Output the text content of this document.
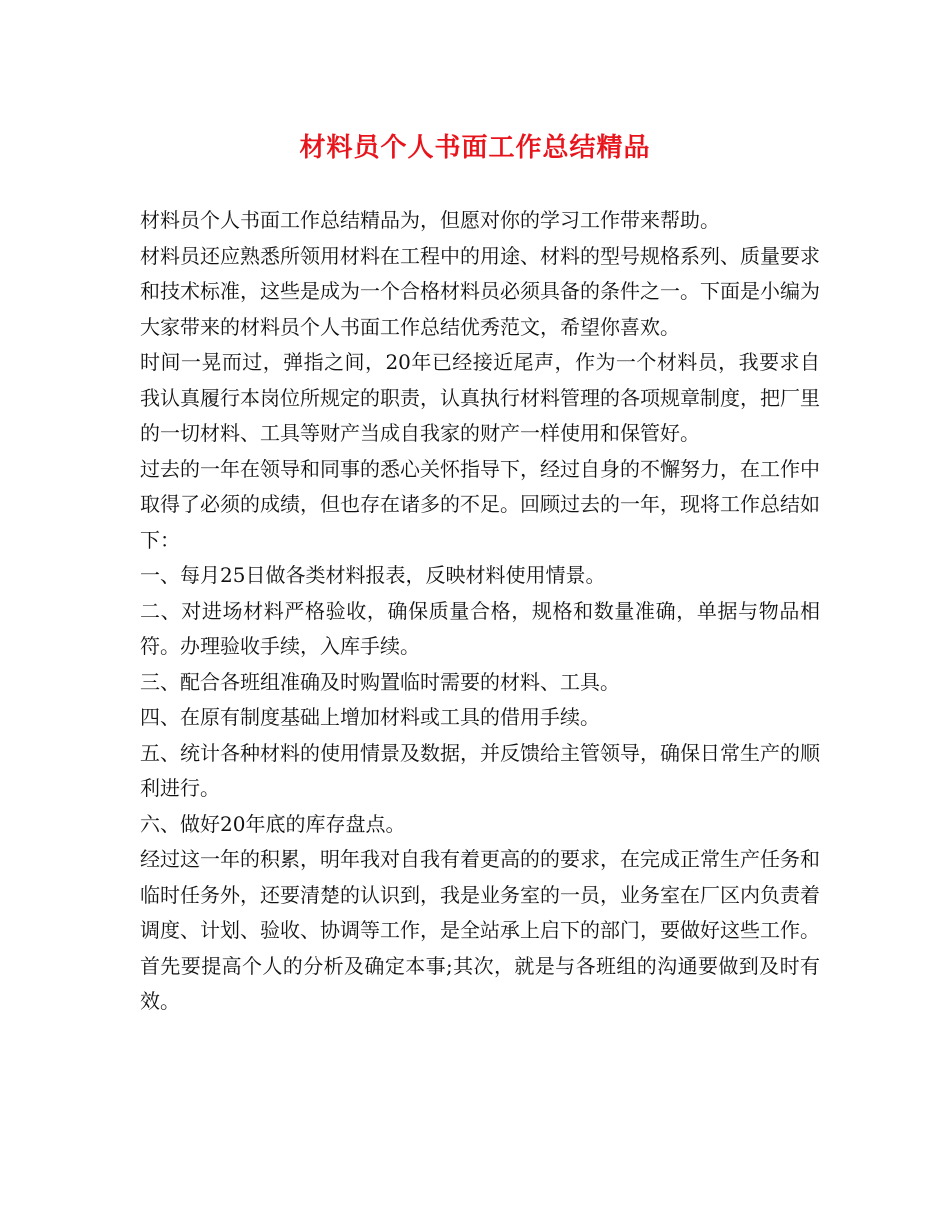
材料员个人书面工作总结精品

材料员个人书面工作总结精品为，但愿对你的学习工作带来帮助。

材料员还应熟悉所领用材料在工程中的用途、材料的型号规格系列、质量要求和技术标准，这些是成为一个合格材料员必须具备的条件之一。下面是小编为大家带来的材料员个人书面工作总结优秀范文，希望你喜欢。

时间一晃而过，弹指之间，20年已经接近尾声，作为一个材料员，我要求自我认真履行本岗位所规定的职责，认真执行材料管理的各项规章制度，把厂里的一切材料、工具等财产当成自我家的财产一样使用和保管好。

过去的一年在领导和同事的悉心关怀指导下，经过自身的不懈努力，在工作中取得了必须的成绩，但也存在诸多的不足。回顾过去的一年，现将工作总结如下：

一、每月25日做各类材料报表，反映材料使用情景。

二、对进场材料严格验收，确保质量合格，规格和数量准确，单据与物品相符。办理验收手续，入库手续。

三、配合各班组准确及时购置临时需要的材料、工具。

四、在原有制度基础上增加材料或工具的借用手续。

五、统计各种材料的使用情景及数据，并反馈给主管领导，确保日常生产的顺利进行。

六、做好20年底的库存盘点。

经过这一年的积累，明年我对自我有着更高的的要求，在完成正常生产任务和临时任务外，还要清楚的认识到，我是业务室的一员，业务室在厂区内负责着调度、计划、验收、协调等工作，是全站承上启下的部门，要做好这些工作。首先要提高个人的分析及确定本事;其次，就是与各班组的沟通要做到及时有效。
